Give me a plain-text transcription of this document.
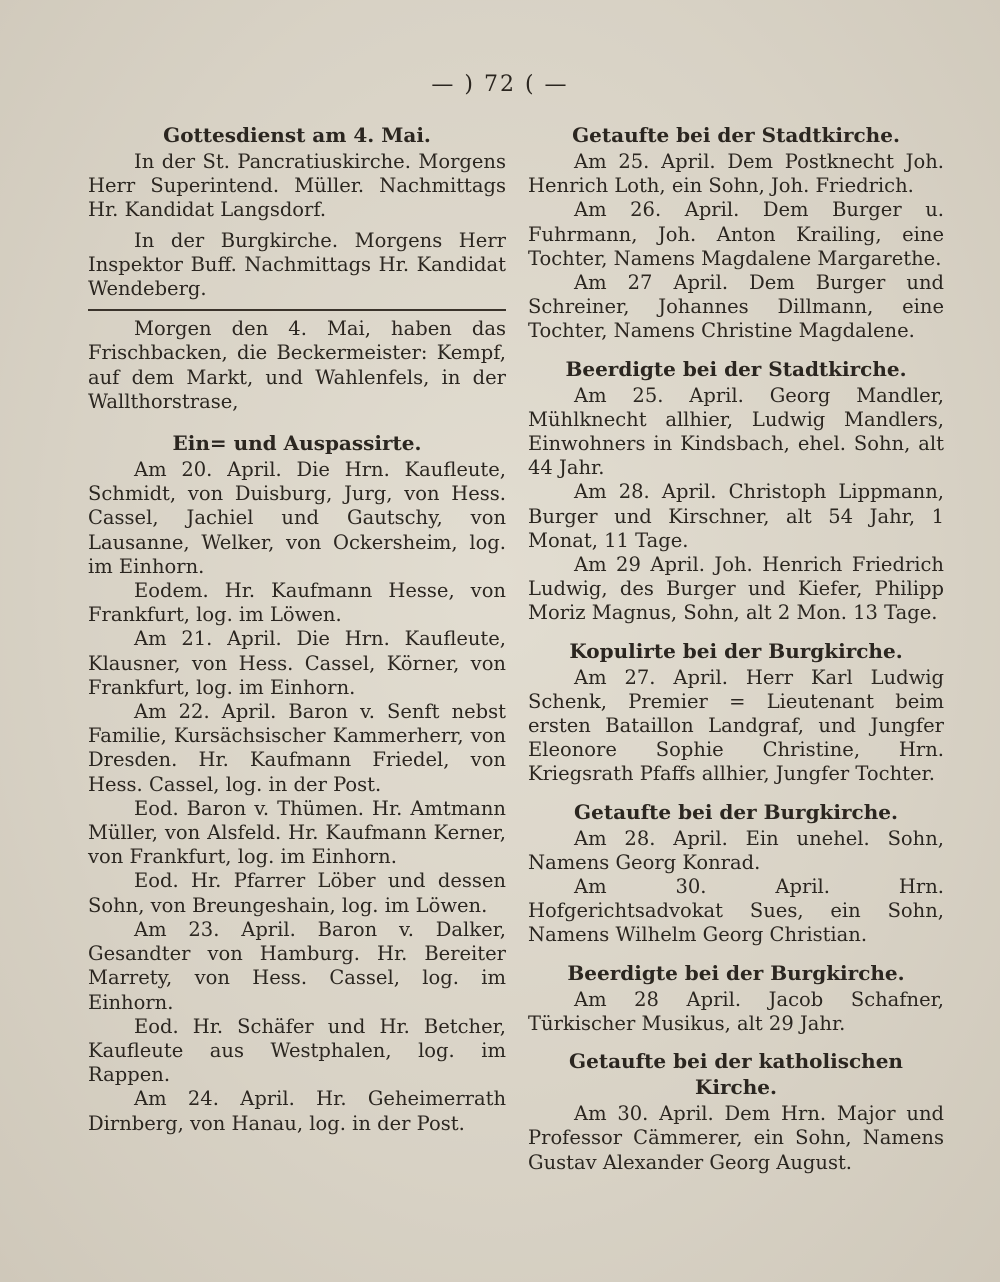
— ) 72 ( —
Gottesdienst am 4. Mai.

In der St. Pancratiuskirche. Morgens Herr Superintend. Müller. Nachmittags Hr. Kandidat Langsdorf.

In der Burgkirche. Morgens Herr Inspektor Buff. Nachmittags Hr. Kandidat Wendeberg.

Morgen den 4. Mai, haben das Frischbacken, die Beckermeister: Kempf, auf dem Markt, und Wahlenfels, in der Wallthorstrase,

Ein= und Auspassirte.

Am 20. April. Die Hrn. Kaufleute, Schmidt, von Duisburg, Jurg, von Hess. Cassel, Jachiel und Gautschy, von Lausanne, Welker, von Ockersheim, log. im Einhorn.

Eodem. Hr. Kaufmann Hesse, von Frankfurt, log. im Löwen.

Am 21. April. Die Hrn. Kaufleute, Klausner, von Hess. Cassel, Körner, von Frankfurt, log. im Einhorn.

Am 22. April. Baron v. Senft nebst Familie, Kursächsischer Kammerherr, von Dresden. Hr. Kaufmann Friedel, von Hess. Cassel, log. in der Post.

Eod. Baron v. Thümen. Hr. Amtmann Müller, von Alsfeld. Hr. Kaufmann Kerner, von Frankfurt, log. im Einhorn.

Eod. Hr. Pfarrer Löber und dessen Sohn, von Breungeshain, log. im Löwen.

Am 23. April. Baron v. Dalker, Gesandter von Hamburg. Hr. Bereiter Marrety, von Hess. Cassel, log. im Einhorn.

Eod. Hr. Schäfer und Hr. Betcher, Kaufleute aus Westphalen, log. im Rappen.

Am 24. April. Hr. Geheimerrath Dirnberg, von Hanau, log. in der Post.

Getaufte bei der Stadtkirche.

Am 25. April. Dem Postknecht Joh. Henrich Loth, ein Sohn, Joh. Friedrich.

Am 26. April. Dem Burger u. Fuhrmann, Joh. Anton Krailing, eine Tochter, Namens Magdalene Margarethe.

Am 27 April. Dem Burger und Schreiner, Johannes Dillmann, eine Tochter, Namens Christine Magdalene.

Beerdigte bei der Stadtkirche.

Am 25. April. Georg Mandler, Mühlknecht allhier, Ludwig Mandlers, Einwohners in Kindsbach, ehel. Sohn, alt 44 Jahr.

Am 28. April. Christoph Lippmann, Burger und Kirschner, alt 54 Jahr, 1 Monat, 11 Tage.

Am 29 April. Joh. Henrich Friedrich Ludwig, des Burger und Kiefer, Philipp Moriz Magnus, Sohn, alt 2 Mon. 13 Tage.

Kopulirte bei der Burgkirche.

Am 27. April. Herr Karl Ludwig Schenk, Premier = Lieutenant beim ersten Bataillon Landgraf, und Jungfer Eleonore Sophie Christine, Hrn. Kriegsrath Pfaffs allhier, Jungfer Tochter.

Getaufte bei der Burgkirche.

Am 28. April. Ein unehel. Sohn, Namens Georg Konrad.

Am 30. April. Hrn. Hofgerichtsadvokat Sues, ein Sohn, Namens Wilhelm Georg Christian.

Beerdigte bei der Burgkirche.

Am 28 April. Jacob Schafner, Türkischer Musikus, alt 29 Jahr.

Getaufte bei der katholischen Kirche.

Am 30. April. Dem Hrn. Major und Professor Cämmerer, ein Sohn, Namens Gustav Alexander Georg August.
